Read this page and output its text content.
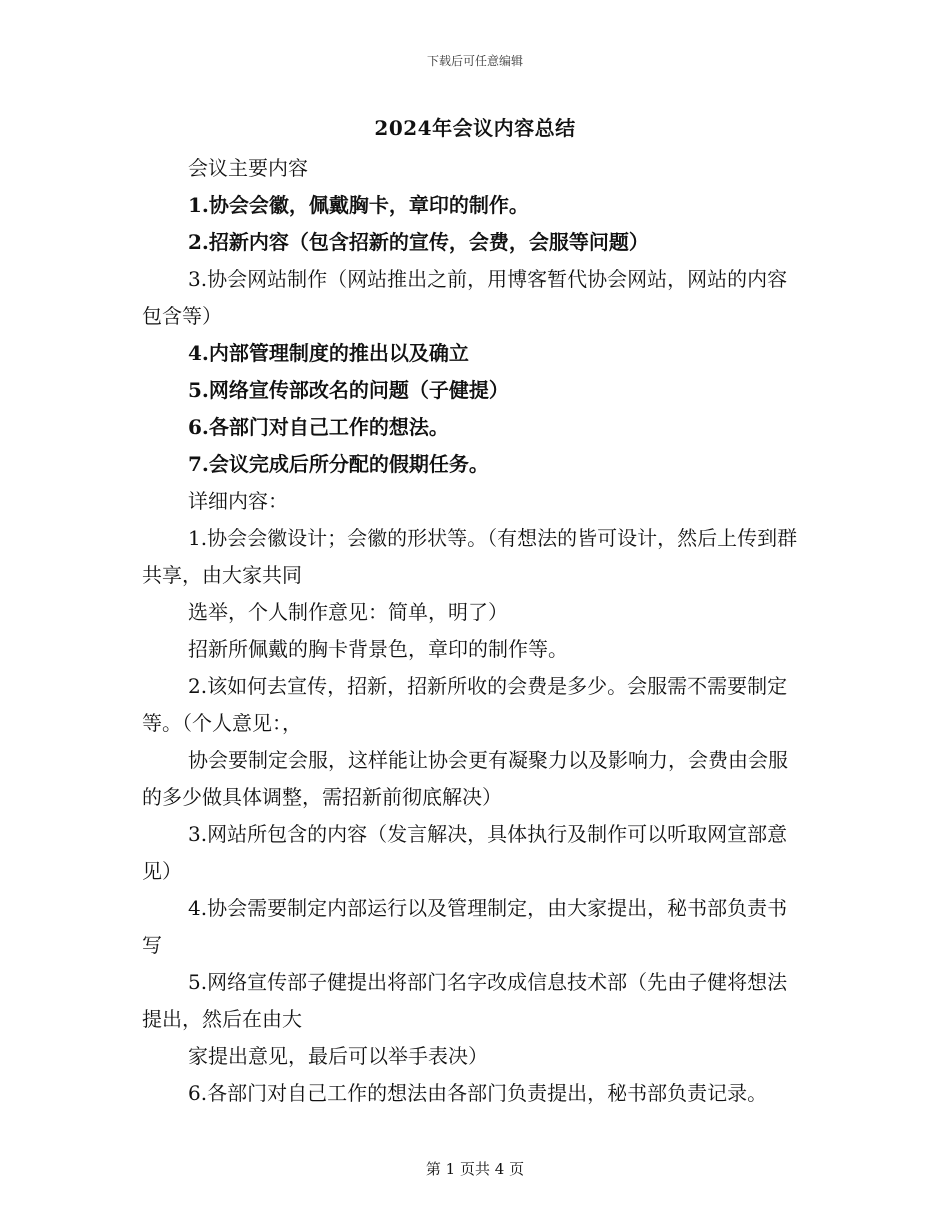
下载后可任意编辑
2024年会议内容总结

会议主要内容

1.协会会徽，佩戴胸卡，章印的制作。

2.招新内容（包含招新的宣传，会费，会服等问题）

3.协会网站制作（网站推出之前，用博客暂代协会网站，网站的内容包含等）

4.内部管理制度的推出以及确立

5.网络宣传部改名的问题（子健提）

6.各部门对自己工作的想法。

7.会议完成后所分配的假期任务。

详细内容：

1.协会会徽设计；会徽的形状等。（有想法的皆可设计，然后上传到群共享，由大家共同

选举，个人制作意见：简单，明了）

招新所佩戴的胸卡背景色，章印的制作等。

2.该如何去宣传，招新，招新所收的会费是多少。会服需不需要制定等。（个人意见：，

协会要制定会服，这样能让协会更有凝聚力以及影响力，会费由会服的多少做具体调整，需招新前彻底解决）

3.网站所包含的内容（发言解决，具体执行及制作可以听取网宣部意见）

4.协会需要制定内部运行以及管理制定，由大家提出，秘书部负责书写

5.网络宣传部子健提出将部门名字改成信息技术部（先由子健将想法提出，然后在由大

家提出意见，最后可以举手表决）

6.各部门对自己工作的想法由各部门负责提出，秘书部负责记录。

第 1 页共 4 页
